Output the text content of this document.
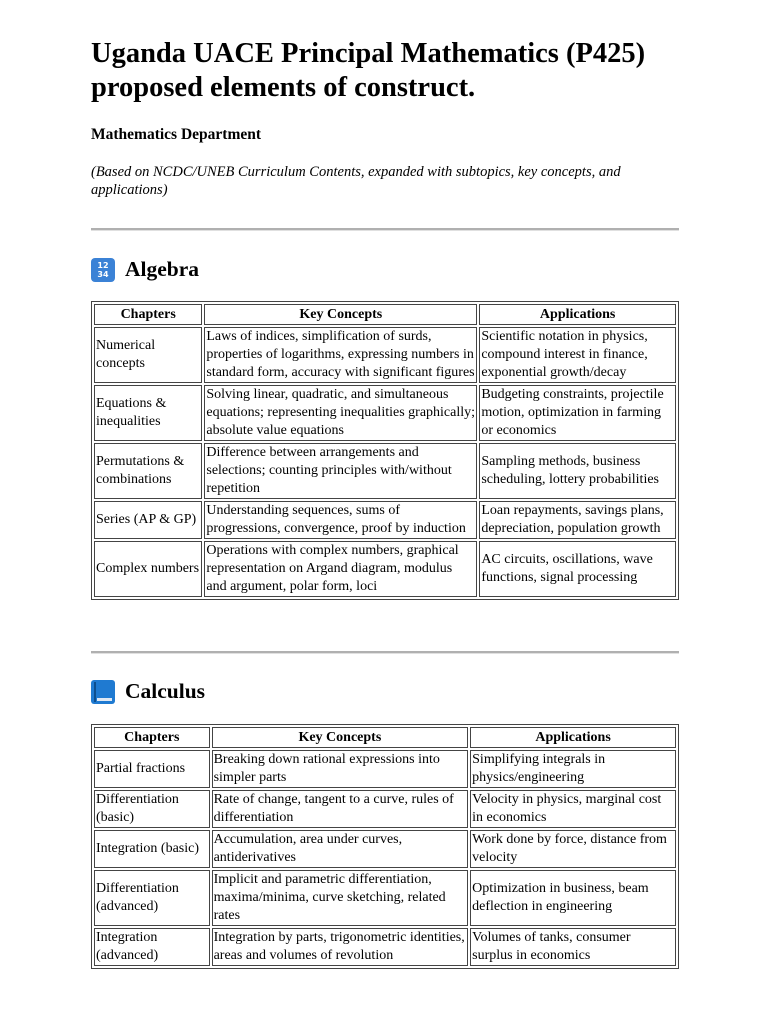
Uganda UACE Principal Mathematics (P425) proposed elements of construct.
Mathematics Department
(Based on NCDC/UNEB Curriculum Contents, expanded with subtopics, key concepts, and applications)
1234 Algebra
Chapters	Key Concepts	Applications
Numerical concepts	Laws of indices, simplification of surds, properties of logarithms, expressing numbers in standard form, accuracy with significant figures	Scientific notation in physics, compound interest in finance, exponential growth/decay
Equations & inequalities	Solving linear, quadratic, and simultaneous equations; representing inequalities graphically; absolute value equations	Budgeting constraints, projectile motion, optimization in farming or economics
Permutations & combinations	Difference between arrangements and selections; counting principles with/without repetition	Sampling methods, business scheduling, lottery probabilities
Series (AP & GP)	Understanding sequences, sums of progressions, convergence, proof by induction	Loan repayments, savings plans, depreciation, population growth
Complex numbers	Operations with complex numbers, graphical representation on Argand diagram, modulus and argument, polar form, loci	AC circuits, oscillations, wave functions, signal processing
Calculus
Chapters	Key Concepts	Applications
Partial fractions	Breaking down rational expressions into simpler parts	Simplifying integrals in physics/engineering
Differentiation (basic)	Rate of change, tangent to a curve, rules of differentiation	Velocity in physics, marginal cost in economics
Integration (basic)	Accumulation, area under curves, antiderivatives	Work done by force, distance from velocity
Differentiation (advanced)	Implicit and parametric differentiation, maxima/minima, curve sketching, related rates	Optimization in business, beam deflection in engineering
Integration (advanced)	Integration by parts, trigonometric identities, areas and volumes of revolution	Volumes of tanks, consumer surplus in economics
